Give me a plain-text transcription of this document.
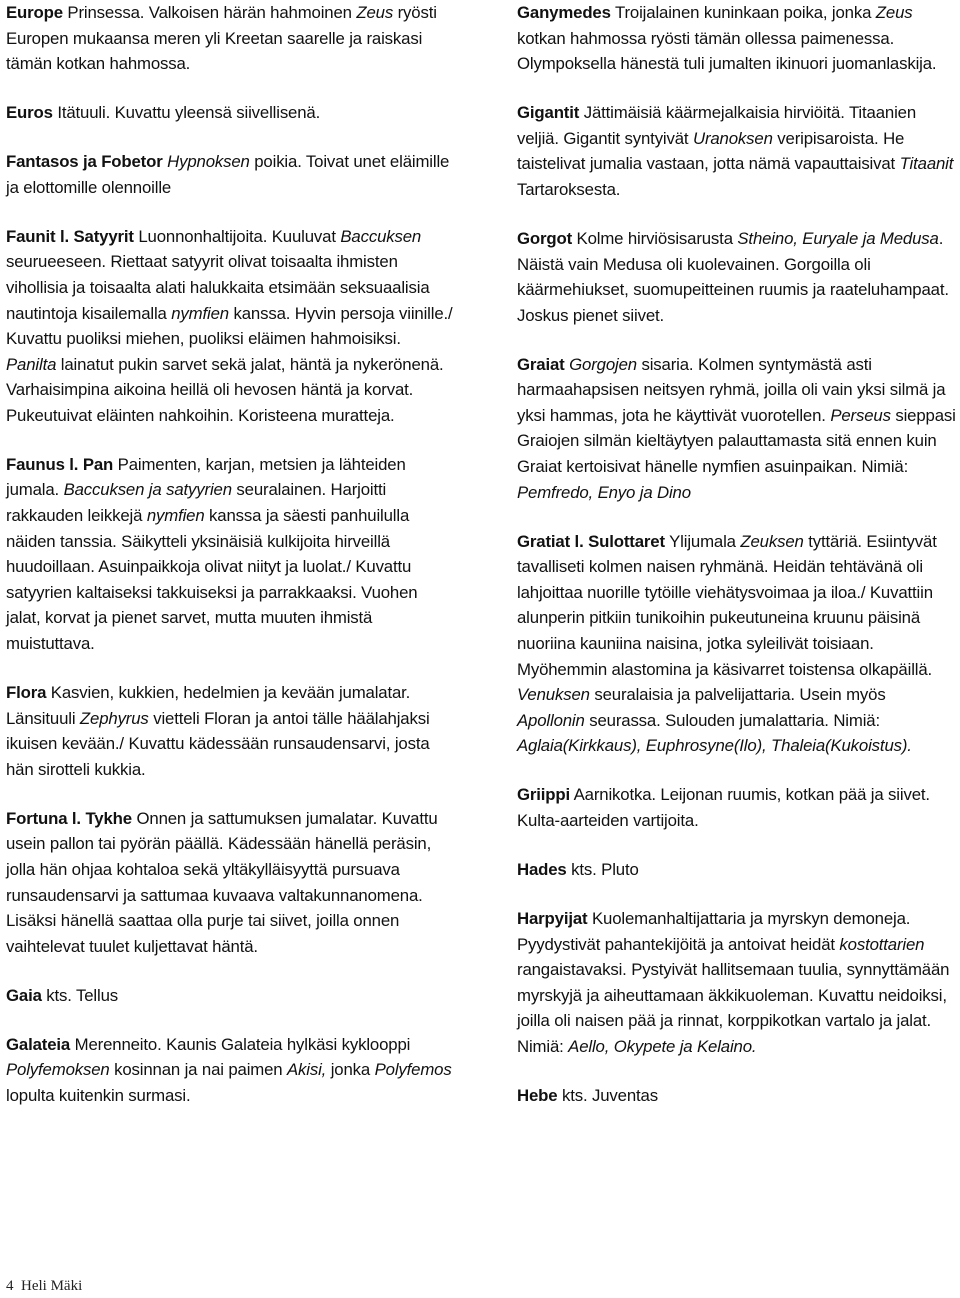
Europe Prinsessa. Valkoisen härän hahmoinen Zeus ryösti Europen mukaansa meren yli Kreetan saarelle ja raiskasi tämän kotkan hahmossa.

Euros Itätuuli. Kuvattu yleensä siivellisenä.

Fantasos ja Fobetor Hypnoksen poikia. Toivat unet eläimille ja elottomille olennoille

Faunit l. Satyyrit Luonnonhaltijoita. Kuuluvat Baccuksen seurueeseen. Riettaat satyyrit olivat toisaalta ihmisten vihollisia ja toisaalta alati halukkaita etsimään seksuaalisia nautintoja kisailemalla nymfien kanssa. Hyvin persoja viinille./ Kuvattu puoliksi miehen, puoliksi eläimen hahmoisiksi. Panilta lainatut pukin sarvet sekä jalat, häntä ja nykerönenä. Varhaisimpina aikoina heillä oli hevosen häntä ja korvat. Pukeutuivat eläinten nahkoihin. Koristeena muratteja.

Faunus l. Pan Paimenten, karjan, metsien ja lähteiden jumala. Baccuksen ja satyyrien seuralainen. Harjoitti rakkauden leikkejä nymfien kanssa ja säesti panhuilulla näiden tanssia. Säikytteli yksinäisiä kulkijoita hirveillä huudoillaan. Asuinpaikkoja olivat niityt ja luolat./ Kuvattu satyyrien kaltaiseksi takkuiseksi ja parrakkaaksi. Vuohen jalat, korvat ja pienet sarvet, mutta muuten ihmistä muistuttava.

Flora Kasvien, kukkien, hedelmien ja kevään jumalatar. Länsituuli Zephyrus vietteli Floran ja antoi tälle häälahjaksi ikuisen kevään./ Kuvattu kädessään runsaudensarvi, josta hän sirotteli kukkia.

Fortuna l. Tykhe Onnen ja sattumuksen jumalatar. Kuvattu usein pallon tai pyörän päällä. Kädessään hänellä peräsin, jolla hän ohjaa kohtaloa sekä yltäkylläisyyttä pursuava runsaudensarvi ja sattumaa kuvaava valtakunnanomena. Lisäksi hänellä saattaa olla purje tai siivet, joilla onnen vaihtelevat tuulet kuljettavat häntä.

Gaia kts. Tellus

Galateia Merenneito. Kaunis Galateia hylkäsi kyklooppi Polyfemoksen kosinnan ja nai paimen Akisi, jonka Polyfemos lopulta kuitenkin surmasi.

Ganymedes Troijalainen kuninkaan poika, jonka Zeus kotkan hahmossa ryösti tämän ollessa paimenessa. Olympoksella hänestä tuli jumalten ikinuori juomanlaskija.

Gigantit Jättimäisiä käärmejalkaisia hirviöitä. Titaanien veljiä. Gigantit syntyivät Uranoksen veripisaroista. He taistelivat jumalia vastaan, jotta nämä vapauttaisivat Titaanit Tartaroksesta.

Gorgot Kolme hirviösisarusta Stheino, Euryale ja Medusa. Näistä vain Medusa oli kuolevainen. Gorgoilla oli käärmehiukset, suomupeitteinen ruumis ja raateluhampaat. Joskus pienet siivet.

Graiat Gorgojen sisaria. Kolmen syntymästä asti harmaahapsisen neitsyen ryhmä, joilla oli vain yksi silmä ja yksi hammas, jota he käyttivät vuorotellen. Perseus sieppasi Graiojen silmän kieltäytyen palauttamasta sitä ennen kuin Graiat kertoisivat hänelle nymfien asuinpaikan. Nimiä: Pemfredo, Enyo ja Dino

Gratiat l. Sulottaret Ylijumala Zeuksen tyttäriä. Esiintyvät tavalliseti kolmen naisen ryhmänä. Heidän tehtävänä oli lahjoittaa nuorille tytöille viehätysvoimaa ja iloa./ Kuvattiin alunperin pitkiin tunikoihin pukeutuneina kruunu päisinä nuoriina kauniina naisina, jotka syleilivät toisiaan. Myöhemmin alastomina ja käsivarret toistensa olkapäillä. Venuksen seuralaisia ja palvelijattaria. Usein myös Apollonin seurassa. Sulouden jumalattaria. Nimiä: Aglaia(Kirkkaus), Euphrosyne(Ilo), Thaleia(Kukoistus).

Griippi Aarnikotka. Leijonan ruumis, kotkan pää ja siivet. Kulta-aarteiden vartijoita.

Hades kts. Pluto

Harpyijat Kuolemanhaltijattaria ja myrskyn demoneja. Pyydystivät pahantekijöitä ja antoivat heidät kostottarien rangaistavaksi. Pystyivät hallitsemaan tuulia, synnyttämään myrskyjä ja aiheuttamaan äkkikuoleman. Kuvattu neidoiksi, joilla oli naisen pää ja rinnat, korppikotkan vartalo ja jalat. Nimiä: Aello, Okypete ja Kelaino.

Hebe kts. Juventas

4 Heli Mäki
